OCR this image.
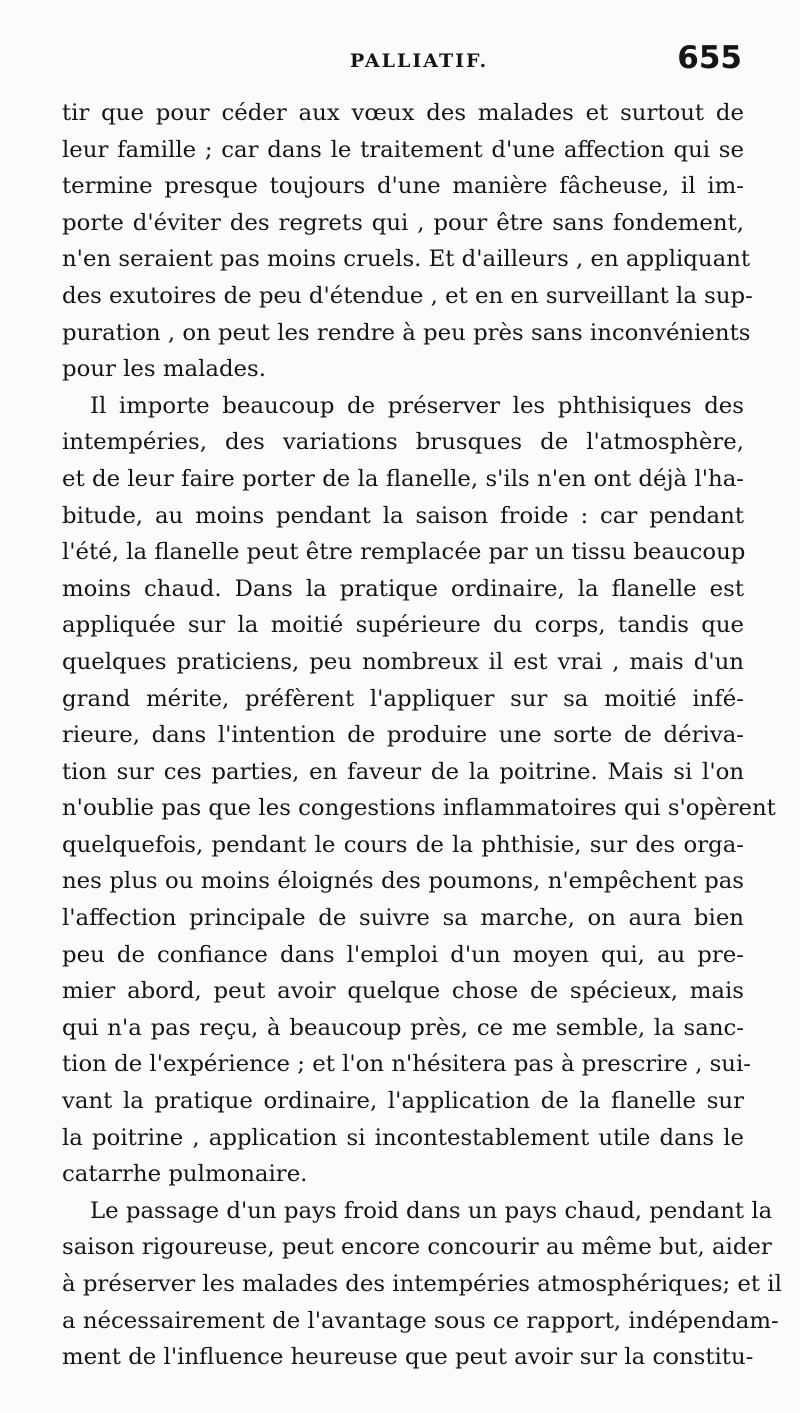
PALLIATIF.	655
tir que pour céder aux vœux des malades et surtout de
leur famille ; car dans le traitement d'une affection qui se
termine presque toujours d'une manière fâcheuse, il im-
porte d'éviter des regrets qui , pour être sans fondement,
n'en seraient pas moins cruels. Et d'ailleurs , en appliquant
des exutoires de peu d'étendue , et en en surveillant la sup-
puration , on peut les rendre à peu près sans inconvénients
pour les malades.
Il importe beaucoup de préserver les phthisiques des
intempéries, des variations brusques de l'atmosphère,
et de leur faire porter de la flanelle, s'ils n'en ont déjà l'ha-
bitude, au moins pendant la saison froide : car pendant
l'été, la flanelle peut être remplacée par un tissu beaucoup
moins chaud. Dans la pratique ordinaire, la flanelle est
appliquée sur la moitié supérieure du corps, tandis que
quelques praticiens, peu nombreux il est vrai , mais d'un
grand mérite, préfèrent l'appliquer sur sa moitié infé-
rieure, dans l'intention de produire une sorte de dériva-
tion sur ces parties, en faveur de la poitrine. Mais si l'on
n'oublie pas que les congestions inflammatoires qui s'opèrent
quelquefois, pendant le cours de la phthisie, sur des orga-
nes plus ou moins éloignés des poumons, n'empêchent pas
l'affection principale de suivre sa marche, on aura bien
peu de confiance dans l'emploi d'un moyen qui, au pre-
mier abord, peut avoir quelque chose de spécieux, mais
qui n'a pas reçu, à beaucoup près, ce me semble, la sanc-
tion de l'expérience ; et l'on n'hésitera pas à prescrire , sui-
vant la pratique ordinaire, l'application de la flanelle sur
la poitrine , application si incontestablement utile dans le
catarrhe pulmonaire.
Le passage d'un pays froid dans un pays chaud, pendant la
saison rigoureuse, peut encore concourir au même but, aider
à préserver les malades des intempéries atmosphériques; et il
a nécessairement de l'avantage sous ce rapport, indépendam-
ment de l'influence heureuse que peut avoir sur la constitu-
